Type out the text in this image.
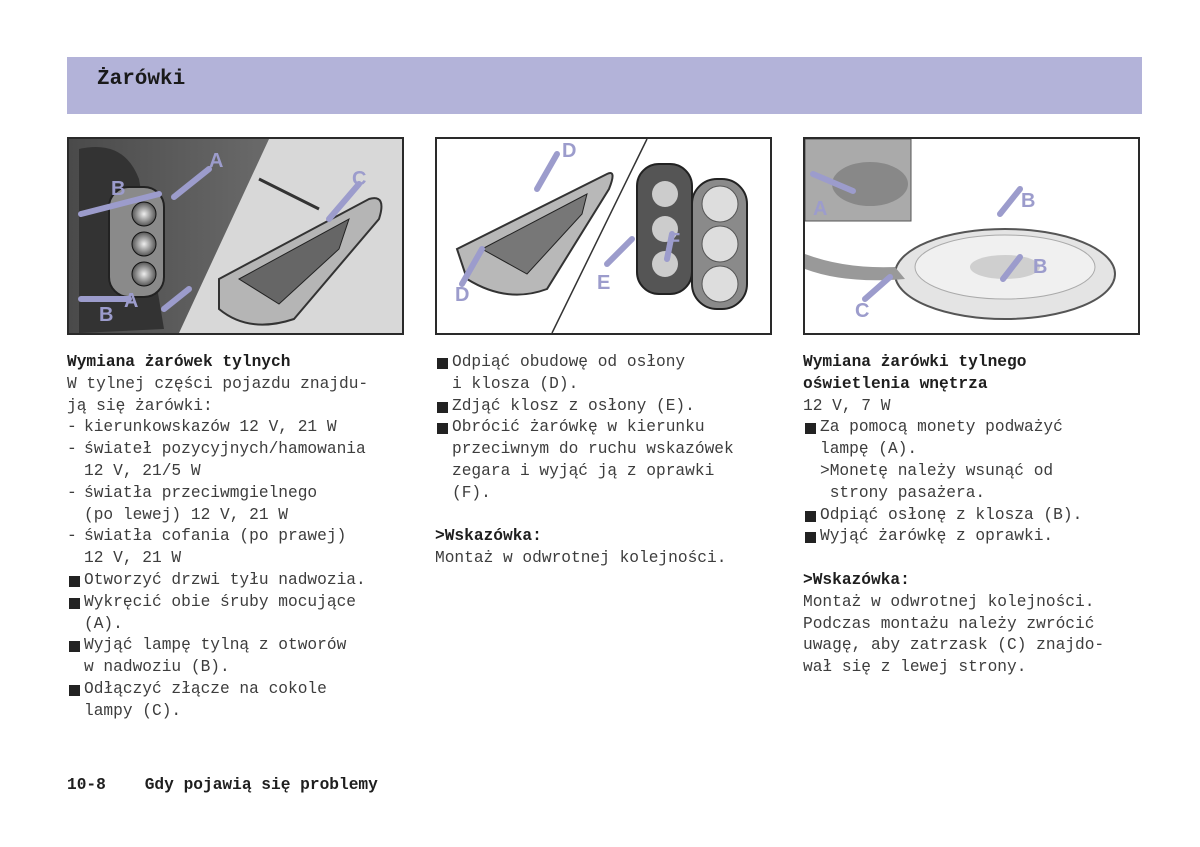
Żarówki
A
B
A
B
C
D
D
E
F
A	B
B
C
Wymiana żarówek tylnych
W tylnej części pojazdu znajdu-
ją się żarówki:
- kierunkowskazów 12 V, 21 W
- świateł pozycyjnych/hamowania
12 V, 21/5 W
- światła przeciwmgielnego
(po lewej) 12 V, 21 W
- światła cofania (po prawej)
12 V, 21 W
Otworzyć drzwi tyłu nadwozia.
Wykręcić obie śruby mocujące
(A).
Wyjąć lampę tylną z otworów
w nadwoziu (B).
Odłączyć złącze na cokole
lampy (C).
Odpiąć obudowę od osłony
i klosza (D).
Zdjąć klosz z osłony (E).
Obrócić żarówkę w kierunku
przeciwnym do ruchu wskazówek
zegara i wyjąć ją z oprawki
(F).
>Wskazówka:
Montaż w odwrotnej kolejności.
Wymiana żarówki tylnego
oświetlenia wnętrza
12 V, 7 W
Za pomocą monety podważyć
lampę (A).
>Monetę należy wsunąć od
strony pasażera.
Odpiąć osłonę z klosza (B).
Wyjąć żarówkę z oprawki.
>Wskazówka:
Montaż w odwrotnej kolejności.
Podczas montażu należy zwrócić
uwagę, aby zatrzask (C) znajdo-
wał się z lewej strony.
10-8 Gdy pojawią się problemy
